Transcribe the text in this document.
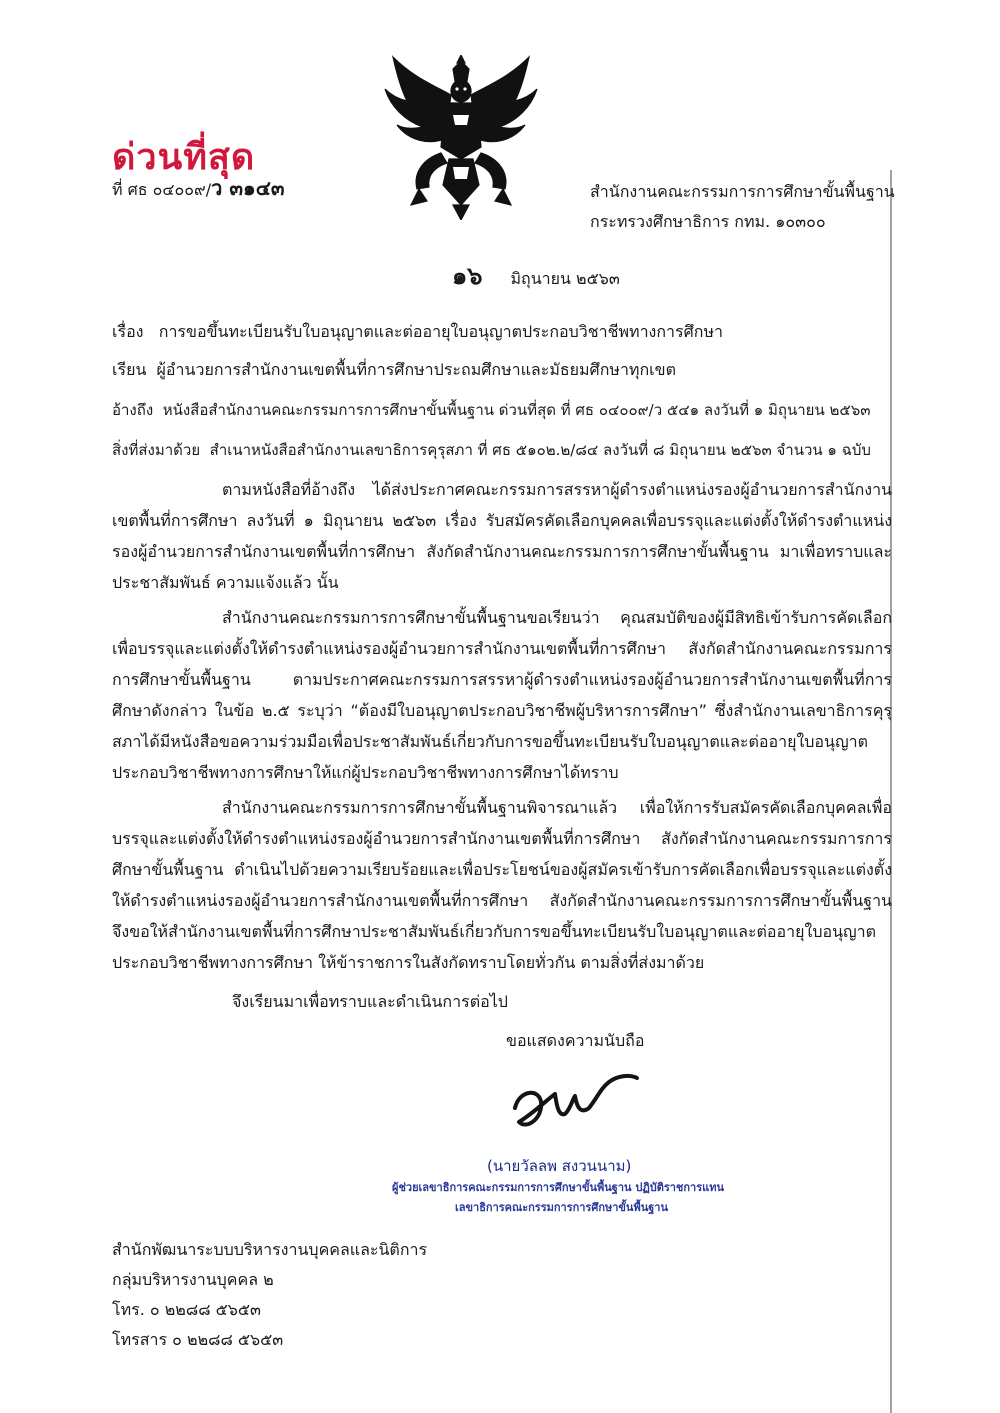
ด่วนที่สุด
ที่ ศธ ๐๔๐๐๙/ว ๓๑๔๓	สำนักงานคณะกรรมการการศึกษาขั้นพื้นฐาน
กระทรวงศึกษาธิการ กทม. ๑๐๓๐๐
๑๖ มิถุนายน ๒๕๖๓
เรื่อง การขอขึ้นทะเบียนรับใบอนุญาตและต่ออายุใบอนุญาตประกอบวิชาชีพทางการศึกษา
เรียน ผู้อำนวยการสำนักงานเขตพื้นที่การศึกษาประถมศึกษาและมัธยมศึกษาทุกเขต
อ้างถึง หนังสือสำนักงานคณะกรรมการการศึกษาขั้นพื้นฐาน ด่วนที่สุด ที่ ศธ ๐๔๐๐๙/ว ๕๔๑ ลงวันที่ ๑ มิถุนายน ๒๕๖๓
สิ่งที่ส่งมาด้วย สำเนาหนังสือสำนักงานเลขาธิการคุรุสภา ที่ ศธ ๕๑๐๒.๒/๘๔ ลงวันที่ ๘ มิถุนายน ๒๕๖๓ จำนวน ๑ ฉบับ
ตามหนังสือที่อ้างถึง ได้ส่งประกาศคณะกรรมการสรรหาผู้ดำรงตำแหน่งรองผู้อำนวยการสำนักงานเขตพื้นที่การศึกษา ลงวันที่ ๑ มิถุนายน ๒๕๖๓ เรื่อง รับสมัครคัดเลือกบุคคลเพื่อบรรจุและแต่งตั้งให้ดำรงตำแหน่งรองผู้อำนวยการสำนักงานเขตพื้นที่การศึกษา สังกัดสำนักงานคณะกรรมการการศึกษาขั้นพื้นฐาน มาเพื่อทราบและประชาสัมพันธ์ ความแจ้งแล้ว นั้น
สำนักงานคณะกรรมการการศึกษาขั้นพื้นฐานขอเรียนว่า คุณสมบัติของผู้มีสิทธิเข้ารับการคัดเลือกเพื่อบรรจุและแต่งตั้งให้ดำรงตำแหน่งรองผู้อำนวยการสำนักงานเขตพื้นที่การศึกษา สังกัดสำนักงานคณะกรรมการการศึกษาขั้นพื้นฐาน ตามประกาศคณะกรรมการสรรหาผู้ดำรงตำแหน่งรองผู้อำนวยการสำนักงานเขตพื้นที่การศึกษาดังกล่าว ในข้อ ๒.๕ ระบุว่า “ต้องมีใบอนุญาตประกอบวิชาชีพผู้บริหารการศึกษา” ซึ่งสำนักงานเลขาธิการคุรุสภาได้มีหนังสือขอความร่วมมือเพื่อประชาสัมพันธ์เกี่ยวกับการขอขึ้นทะเบียนรับใบอนุญาตและต่ออายุใบอนุญาตประกอบวิชาชีพทางการศึกษาให้แก่ผู้ประกอบวิชาชีพทางการศึกษาได้ทราบ
สำนักงานคณะกรรมการการศึกษาขั้นพื้นฐานพิจารณาแล้ว เพื่อให้การรับสมัครคัดเลือกบุคคลเพื่อบรรจุและแต่งตั้งให้ดำรงตำแหน่งรองผู้อำนวยการสำนักงานเขตพื้นที่การศึกษา สังกัดสำนักงานคณะกรรมการการศึกษาขั้นพื้นฐาน ดำเนินไปด้วยความเรียบร้อยและเพื่อประโยชน์ของผู้สมัครเข้ารับการคัดเลือกเพื่อบรรจุและแต่งตั้งให้ดำรงตำแหน่งรองผู้อำนวยการสำนักงานเขตพื้นที่การศึกษา สังกัดสำนักงานคณะกรรมการการศึกษาขั้นพื้นฐาน จึงขอให้สำนักงานเขตพื้นที่การศึกษาประชาสัมพันธ์เกี่ยวกับการขอขึ้นทะเบียนรับใบอนุญาตและต่ออายุใบอนุญาตประกอบวิชาชีพทางการศึกษา ให้ข้าราชการในสังกัดทราบโดยทั่วกัน ตามสิ่งที่ส่งมาด้วย
จึงเรียนมาเพื่อทราบและดำเนินการต่อไป
ขอแสดงความนับถือ
(นายวัลลพ สงวนนาม)
ผู้ช่วยเลขาธิการคณะกรรมการการศึกษาขั้นพื้นฐาน ปฏิบัติราชการแทน
เลขาธิการคณะกรรมการการศึกษาขั้นพื้นฐาน
สำนักพัฒนาระบบบริหารงานบุคคลและนิติการ
กลุ่มบริหารงานบุคคล ๒
โทร. ๐ ๒๒๘๘ ๕๖๕๓
โทรสาร ๐ ๒๒๘๘ ๕๖๕๓
